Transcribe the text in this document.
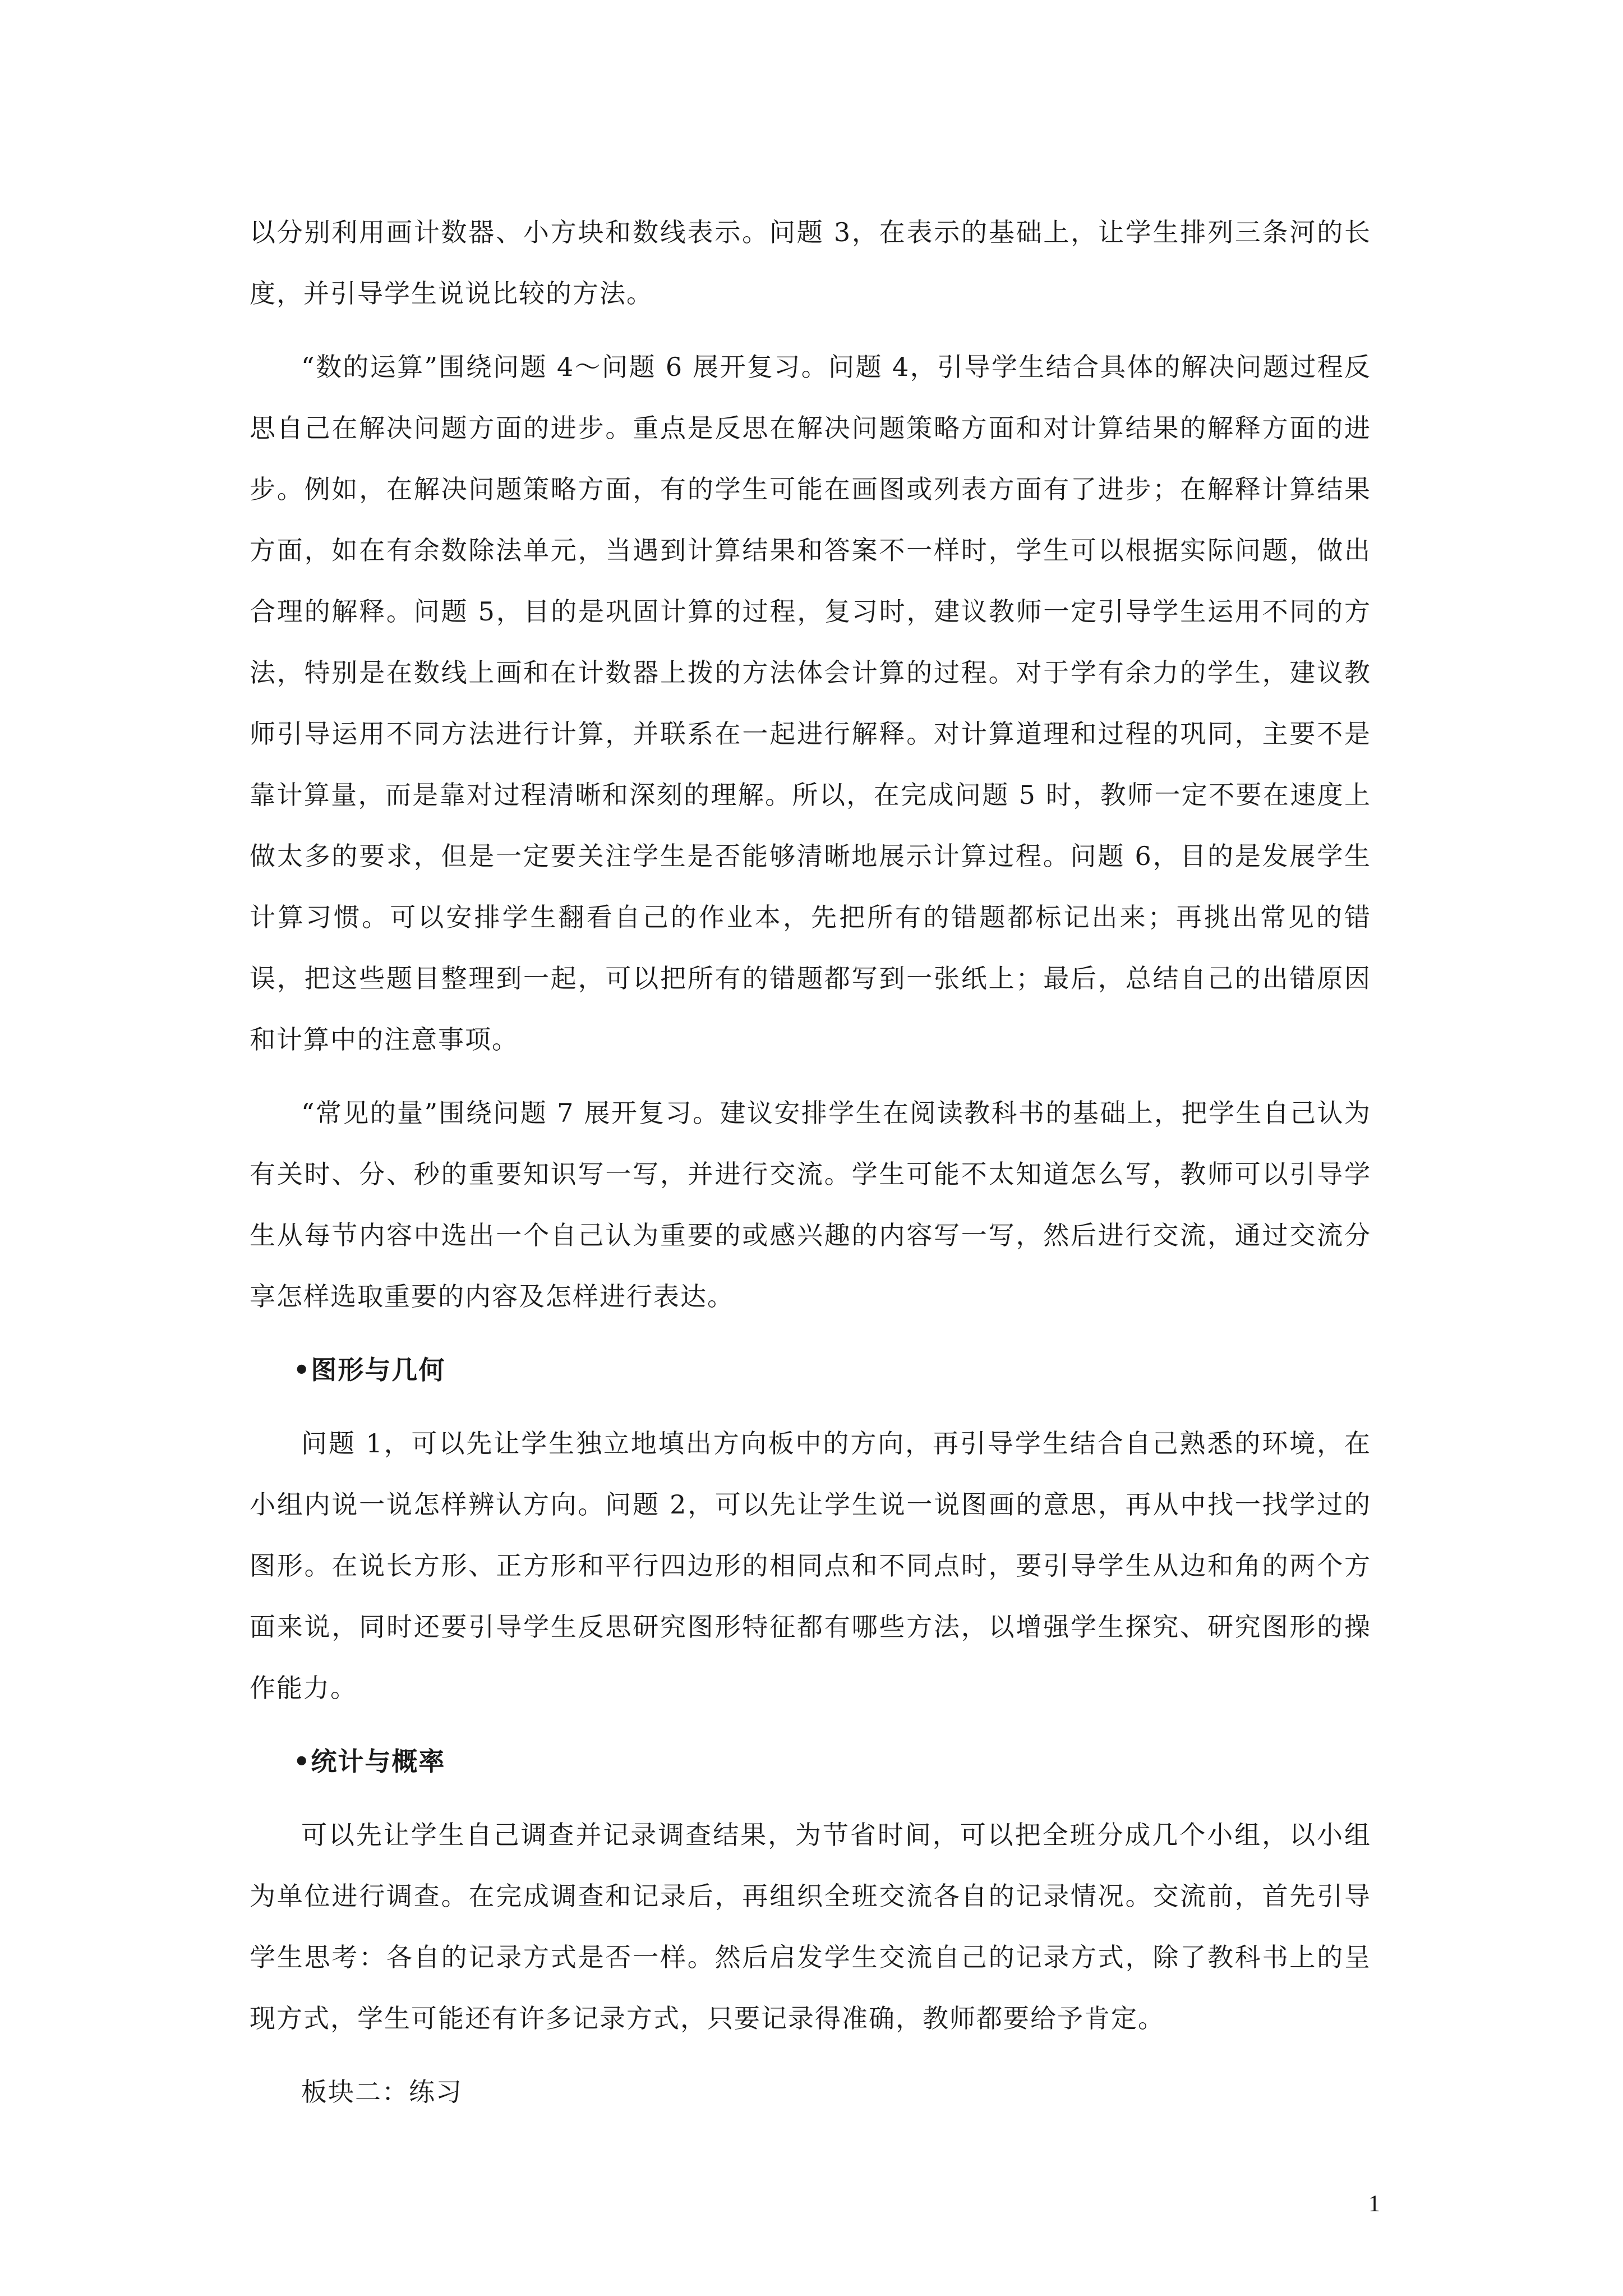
以分别利用画计数器、小方块和数线表示。问题 3，在表示的基础上，让学生排列三条河的长度，并引导学生说说比较的方法。

“数的运算”围绕问题 4～问题 6 展开复习。问题 4，引导学生结合具体的解决问题过程反思自己在解决问题方面的进步。重点是反思在解决问题策略方面和对计算结果的解释方面的进步。例如，在解决问题策略方面，有的学生可能在画图或列表方面有了进步；在解释计算结果方面，如在有余数除法单元，当遇到计算结果和答案不一样时，学生可以根据实际问题，做出合理的解释。问题 5，目的是巩固计算的过程，复习时，建议教师一定引导学生运用不同的方法，特别是在数线上画和在计数器上拨的方法体会计算的过程。对于学有余力的学生，建议教师引导运用不同方法进行计算，并联系在一起进行解释。对计算道理和过程的巩同，主要不是靠计算量，而是靠对过程清晰和深刻的理解。所以，在完成问题 5 时，教师一定不要在速度上做太多的要求，但是一定要关注学生是否能够清晰地展示计算过程。问题 6，目的是发展学生计算习惯。可以安排学生翻看自己的作业本，先把所有的错题都标记出来；再挑出常见的错误，把这些题目整理到一起，可以把所有的错题都写到一张纸上；最后，总结自己的出错原因和计算中的注意事项。

“常见的量”围绕问题 7 展开复习。建议安排学生在阅读教科书的基础上，把学生自己认为有关时、分、秒的重要知识写一写，并进行交流。学生可能不太知道怎么写，教师可以引导学生从每节内容中选出一个自己认为重要的或感兴趣的内容写一写，然后进行交流，通过交流分享怎样选取重要的内容及怎样进行表达。

•图形与几何

问题 1，可以先让学生独立地填出方向板中的方向，再引导学生结合自己熟悉的环境，在小组内说一说怎样辨认方向。问题 2，可以先让学生说一说图画的意思，再从中找一找学过的图形。在说长方形、正方形和平行四边形的相同点和不同点时，要引导学生从边和角的两个方面来说，同时还要引导学生反思研究图形特征都有哪些方法，以增强学生探究、研究图形的操作能力。

•统计与概率

可以先让学生自己调查并记录调查结果，为节省时间，可以把全班分成几个小组，以小组为单位进行调查。在完成调查和记录后，再组织全班交流各自的记录情况。交流前，首先引导学生思考：各自的记录方式是否一样。然后启发学生交流自己的记录方式，除了教科书上的呈现方式，学生可能还有许多记录方式，只要记录得准确，教师都要给予肯定。

板块二：练习

1
